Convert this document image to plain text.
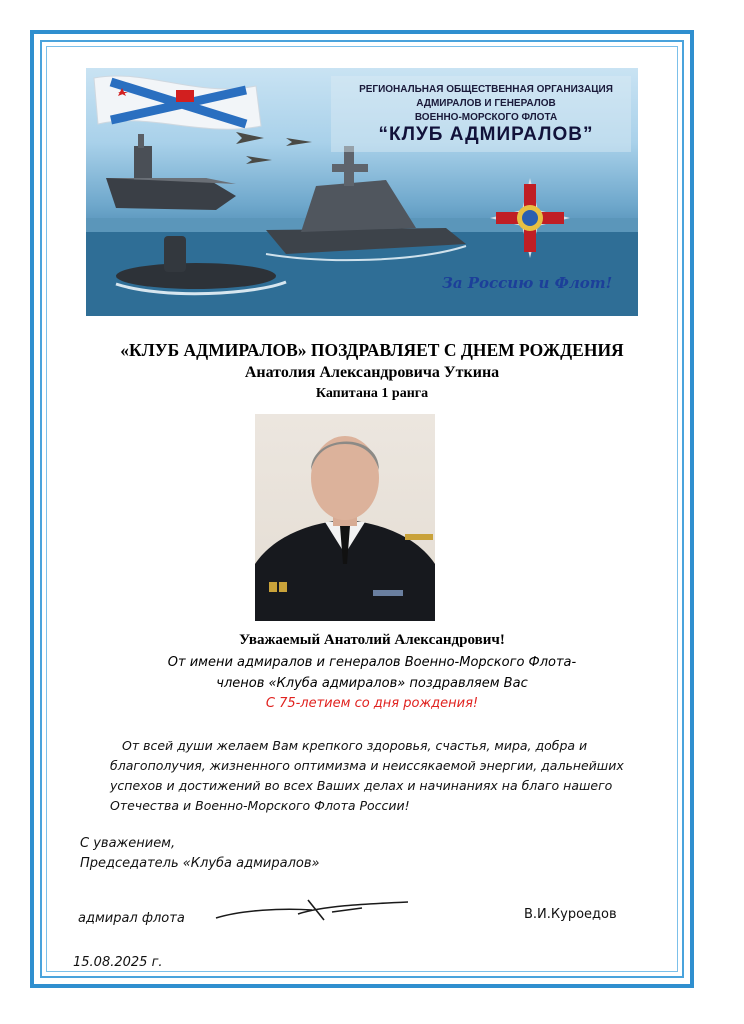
РЕГИОНАЛЬНАЯ ОБЩЕСТВЕННАЯ ОРГАНИЗАЦИЯ
АДМИРАЛОВ И ГЕНЕРАЛОВ
ВОЕННО-МОРСКОГО ФЛОТА
“КЛУБ АДМИРАЛОВ”
За Россию и Флот!
«КЛУБ АДМИРАЛОВ» ПОЗДРАВЛЯЕТ С ДНЕМ РОЖДЕНИЯ
Анатолия Александровича Уткина
Капитана 1 ранга
Уважаемый Анатолий Александрович!
От имени адмиралов и генералов Военно-Морского Флота-
членов «Клуба адмиралов» поздравляем Вас
С 75-летием со дня рождения!
От всей души желаем Вам крепкого здоровья, счастья, мира, добра и
благополучия, жизненного оптимизма и неиссякаемой энергии, дальнейших
успехов и достижений во всех Ваших делах и начинаниях на благо нашего
Отечества и Военно-Морского Флота России!
С уважением,
Председатель «Клуба адмиралов»
адмирал флота	В.И.Куроедов
15.08.2025 г.
